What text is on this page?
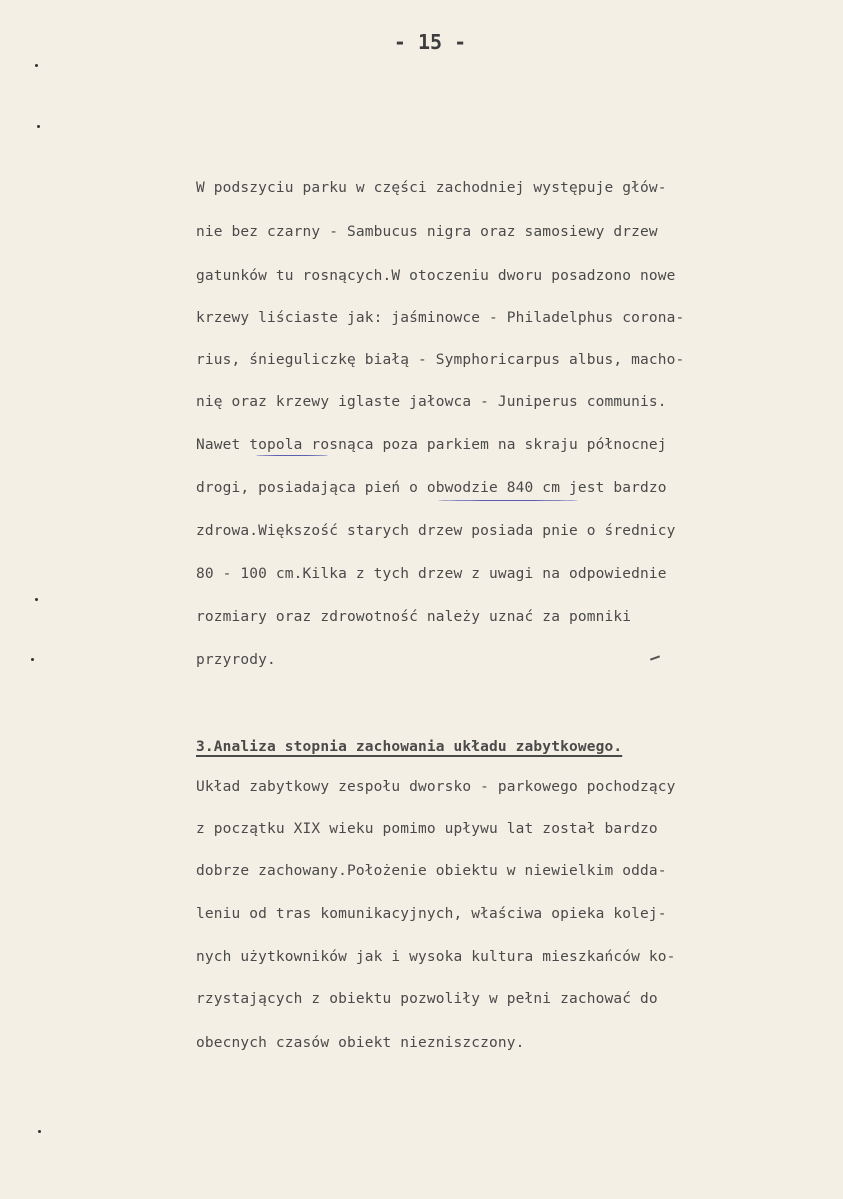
- 15 -
W podszyciu parku w części zachodniej występuje głów-
nie bez czarny - Sambucus nigra oraz samosiewy drzew
gatunków tu rosnących.W otoczeniu dworu posadzono nowe
krzewy liściaste jak: jaśminowce - Philadelphus corona-
rius, śnieguliczkę białą - Symphoricarpus albus, macho-
nię oraz krzewy iglaste jałowca - Juniperus communis.
Nawet topola rosnąca poza parkiem na skraju północnej
drogi, posiadająca pień o obwodzie 840 cm jest bardzo
zdrowa.Większość starych drzew posiada pnie o średnicy
80 - 100 cm.Kilka z tych drzew z uwagi na odpowiednie
rozmiary oraz zdrowotność należy uznać za pomniki
przyrody.
3.Analiza stopnia zachowania układu zabytkowego.
Układ zabytkowy zespołu dworsko - parkowego pochodzący
z początku XIX wieku pomimo upływu lat został bardzo
dobrze zachowany.Położenie obiektu w niewielkim odda-
leniu od tras komunikacyjnych, właściwa opieka kolej-
nych użytkowników jak i wysoka kultura mieszkańców ko-
rzystających z obiektu pozwoliły w pełni zachować do
obecnych czasów obiekt niezniszczony.
